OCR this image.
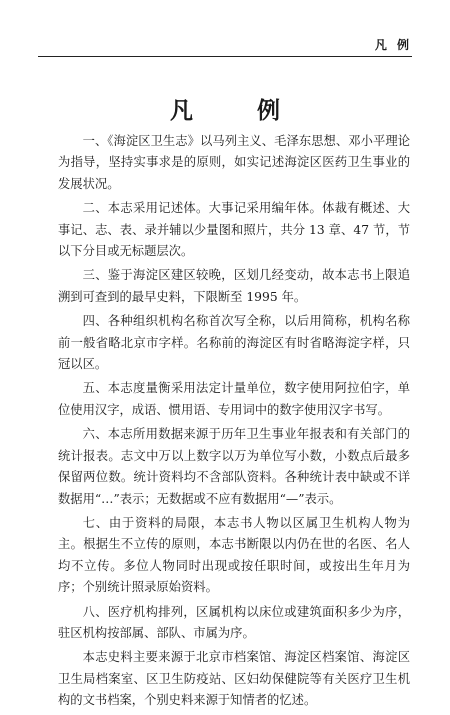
凡 例
凡 例

一、《海淀区卫生志》以马列主义、毛泽东思想、邓小平理论为指导，坚持实事求是的原则，如实记述海淀区医药卫生事业的发展状况。

二、本志采用记述体。大事记采用编年体。体裁有概述、大事记、志、表、录并辅以少量图和照片，共分 13 章、47 节，节以下分目或无标题层次。

三、鉴于海淀区建区较晚，区划几经变动，故本志书上限追溯到可查到的最早史料，下限断至 1995 年。

四、各种组织机构名称首次写全称，以后用简称，机构名称前一般省略北京市字样。名称前的海淀区有时省略海淀字样，只冠以区。

五、本志度量衡采用法定计量单位，数字使用阿拉伯字，单位使用汉字，成语、惯用语、专用词中的数字使用汉字书写。

六、本志所用数据来源于历年卫生事业年报表和有关部门的统计报表。志文中万以上数字以万为单位写小数，小数点后最多保留两位数。统计资料均不含部队资料。各种统计表中缺或不详数据用“…”表示；无数据或不应有数据用“—”表示。

七、由于资料的局限，本志书人物以区属卫生机构人物为主。根据生不立传的原则，本志书断限以内仍在世的名医、名人均不立传。多位人物同时出现或按任职时间，或按出生年月为序；个别统计照录原始资料。

八、医疗机构排列，区属机构以床位或建筑面积多少为序，驻区机构按部属、部队、市属为序。

本志史料主要来源于北京市档案馆、海淀区档案馆、海淀区卫生局档案室、区卫生防疫站、区妇幼保健院等有关医疗卫生机构的文书档案，个别史料来源于知情者的忆述。
